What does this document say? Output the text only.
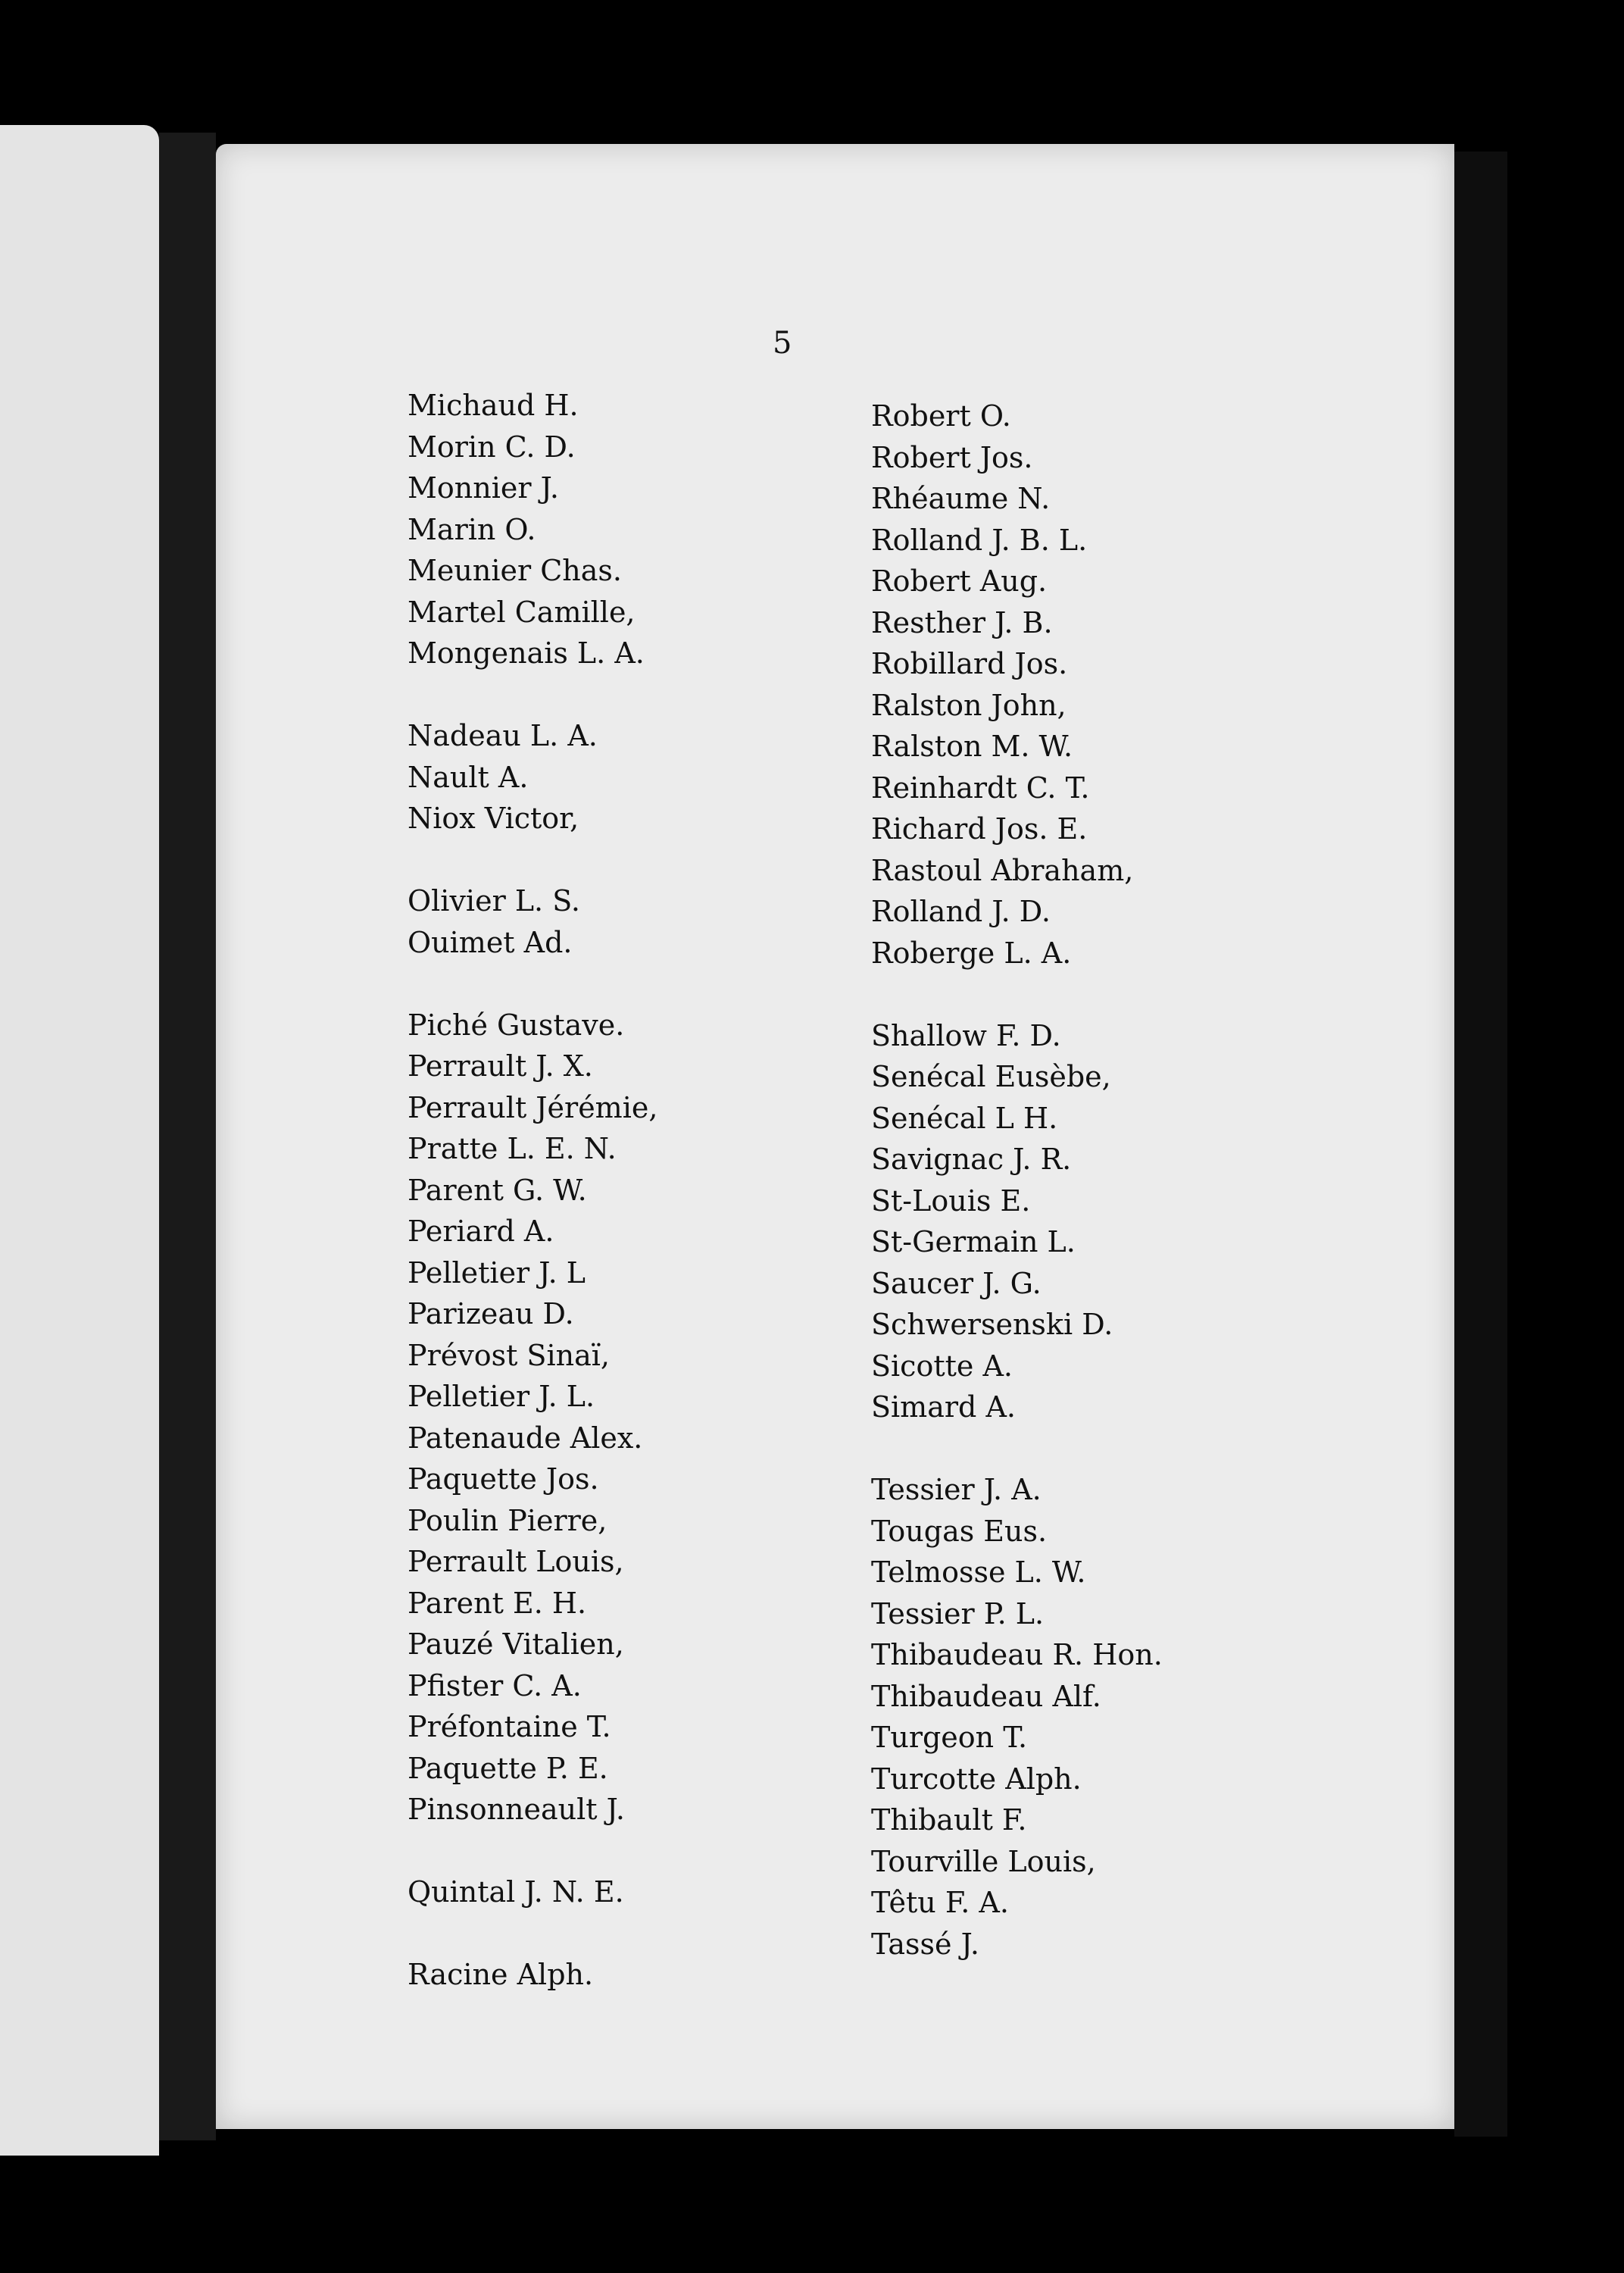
5
Michaud H.
Morin C. D.
Monnier J.
Marin O.
Meunier Chas.
Martel Camille,
Mongenais L. A.
Nadeau L. A.
Nault A.
Niox Victor,
Olivier L. S.
Ouimet Ad.
Piché Gustave.
Perrault J. X.
Perrault Jérémie,
Pratte L. E. N.
Parent G. W.
Periard A.
Pelletier J. L
Parizeau D.
Prévost Sinaï,
Pelletier J. L.
Patenaude Alex.
Paquette Jos.
Poulin Pierre,
Perrault Louis,
Parent E. H.
Pauzé Vitalien,
Pfister C. A.
Préfontaine T.
Paquette P. E.
Pinsonneault J.
Quintal J. N. E.
Racine Alph.
Robert O.
Robert Jos.
Rhéaume N.
Rolland J. B. L.
Robert Aug.
Resther J. B.
Robillard Jos.
Ralston John,
Ralston M. W.
Reinhardt C. T.
Richard Jos. E.
Rastoul Abraham,
Rolland J. D.
Roberge L. A.
Shallow F. D.
Senécal Eusèbe,
Senécal L H.
Savignac J. R.
St-Louis E.
St-Germain L.
Saucer J. G.
Schwersenski D.
Sicotte A.
Simard A.
Tessier J. A.
Tougas Eus.
Telmosse L. W.
Tessier P. L.
Thibaudeau R. Hon.
Thibaudeau Alf.
Turgeon T.
Turcotte Alph.
Thibault F.
Tourville Louis,
Têtu F. A.
Tassé J.
